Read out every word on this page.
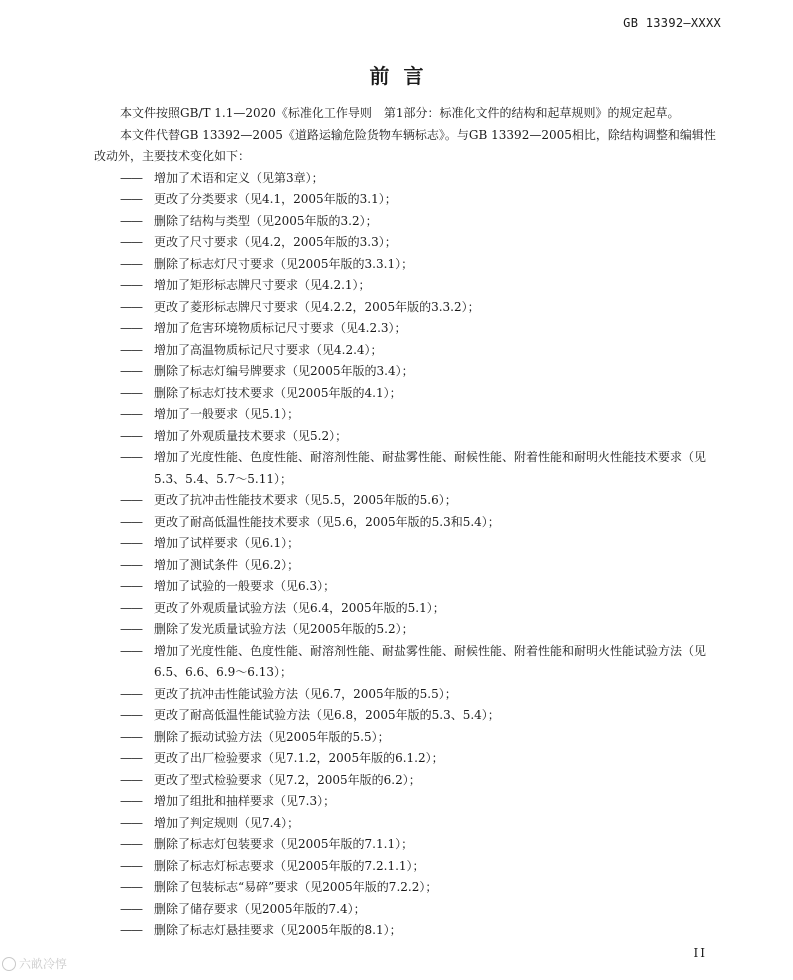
GB 13392—XXXX
前言

本文件按照GB/T 1.1—2020《标准化工作导则　第1部分：标准化文件的结构和起草规则》的规定起草。

本文件代替GB 13392—2005《道路运输危险货物车辆标志》。与GB 13392—2005相比，除结构调整和编辑性改动外，主要技术变化如下：

—— 增加了术语和定义（见第3章）；
—— 更改了分类要求（见4.1，2005年版的3.1）；
—— 删除了结构与类型（见2005年版的3.2）；
—— 更改了尺寸要求（见4.2，2005年版的3.3）；
—— 删除了标志灯尺寸要求（见2005年版的3.3.1）；
—— 增加了矩形标志牌尺寸要求（见4.2.1）；
—— 更改了菱形标志牌尺寸要求（见4.2.2，2005年版的3.3.2）；
—— 增加了危害环境物质标记尺寸要求（见4.2.3）；
—— 增加了高温物质标记尺寸要求（见4.2.4）；
—— 删除了标志灯编号牌要求（见2005年版的3.4）；
—— 删除了标志灯技术要求（见2005年版的4.1）；
—— 增加了一般要求（见5.1）；
—— 增加了外观质量技术要求（见5.2）；
—— 增加了光度性能、色度性能、耐溶剂性能、耐盐雾性能、耐候性能、附着性能和耐明火性能技术要求（见5.3、5.4、5.7～5.11）；
—— 更改了抗冲击性能技术要求（见5.5，2005年版的5.6）；
—— 更改了耐高低温性能技术要求（见5.6，2005年版的5.3和5.4）；
—— 增加了试样要求（见6.1）；
—— 增加了测试条件（见6.2）；
—— 增加了试验的一般要求（见6.3）；
—— 更改了外观质量试验方法（见6.4，2005年版的5.1）；
—— 删除了发光质量试验方法（见2005年版的5.2）；
—— 增加了光度性能、色度性能、耐溶剂性能、耐盐雾性能、耐候性能、附着性能和耐明火性能试验方法（见6.5、6.6、6.9～6.13）；
—— 更改了抗冲击性能试验方法（见6.7，2005年版的5.5）；
—— 更改了耐高低温性能试验方法（见6.8，2005年版的5.3、5.4）；
—— 删除了振动试验方法（见2005年版的5.5）；
—— 更改了出厂检验要求（见7.1.2，2005年版的6.1.2）；
—— 更改了型式检验要求（见7.2，2005年版的6.2）；
—— 增加了组批和抽样要求（见7.3）；
—— 增加了判定规则（见7.4）；
—— 删除了标志灯包装要求（见2005年版的7.1.1）；
—— 删除了标志灯标志要求（见2005年版的7.2.1.1）；
—— 删除了包装标志“易碎”要求（见2005年版的7.2.2）；
—— 删除了储存要求（见2005年版的7.4）；
—— 删除了标志灯悬挂要求（见2005年版的8.1）；
II
六畝冷惇
